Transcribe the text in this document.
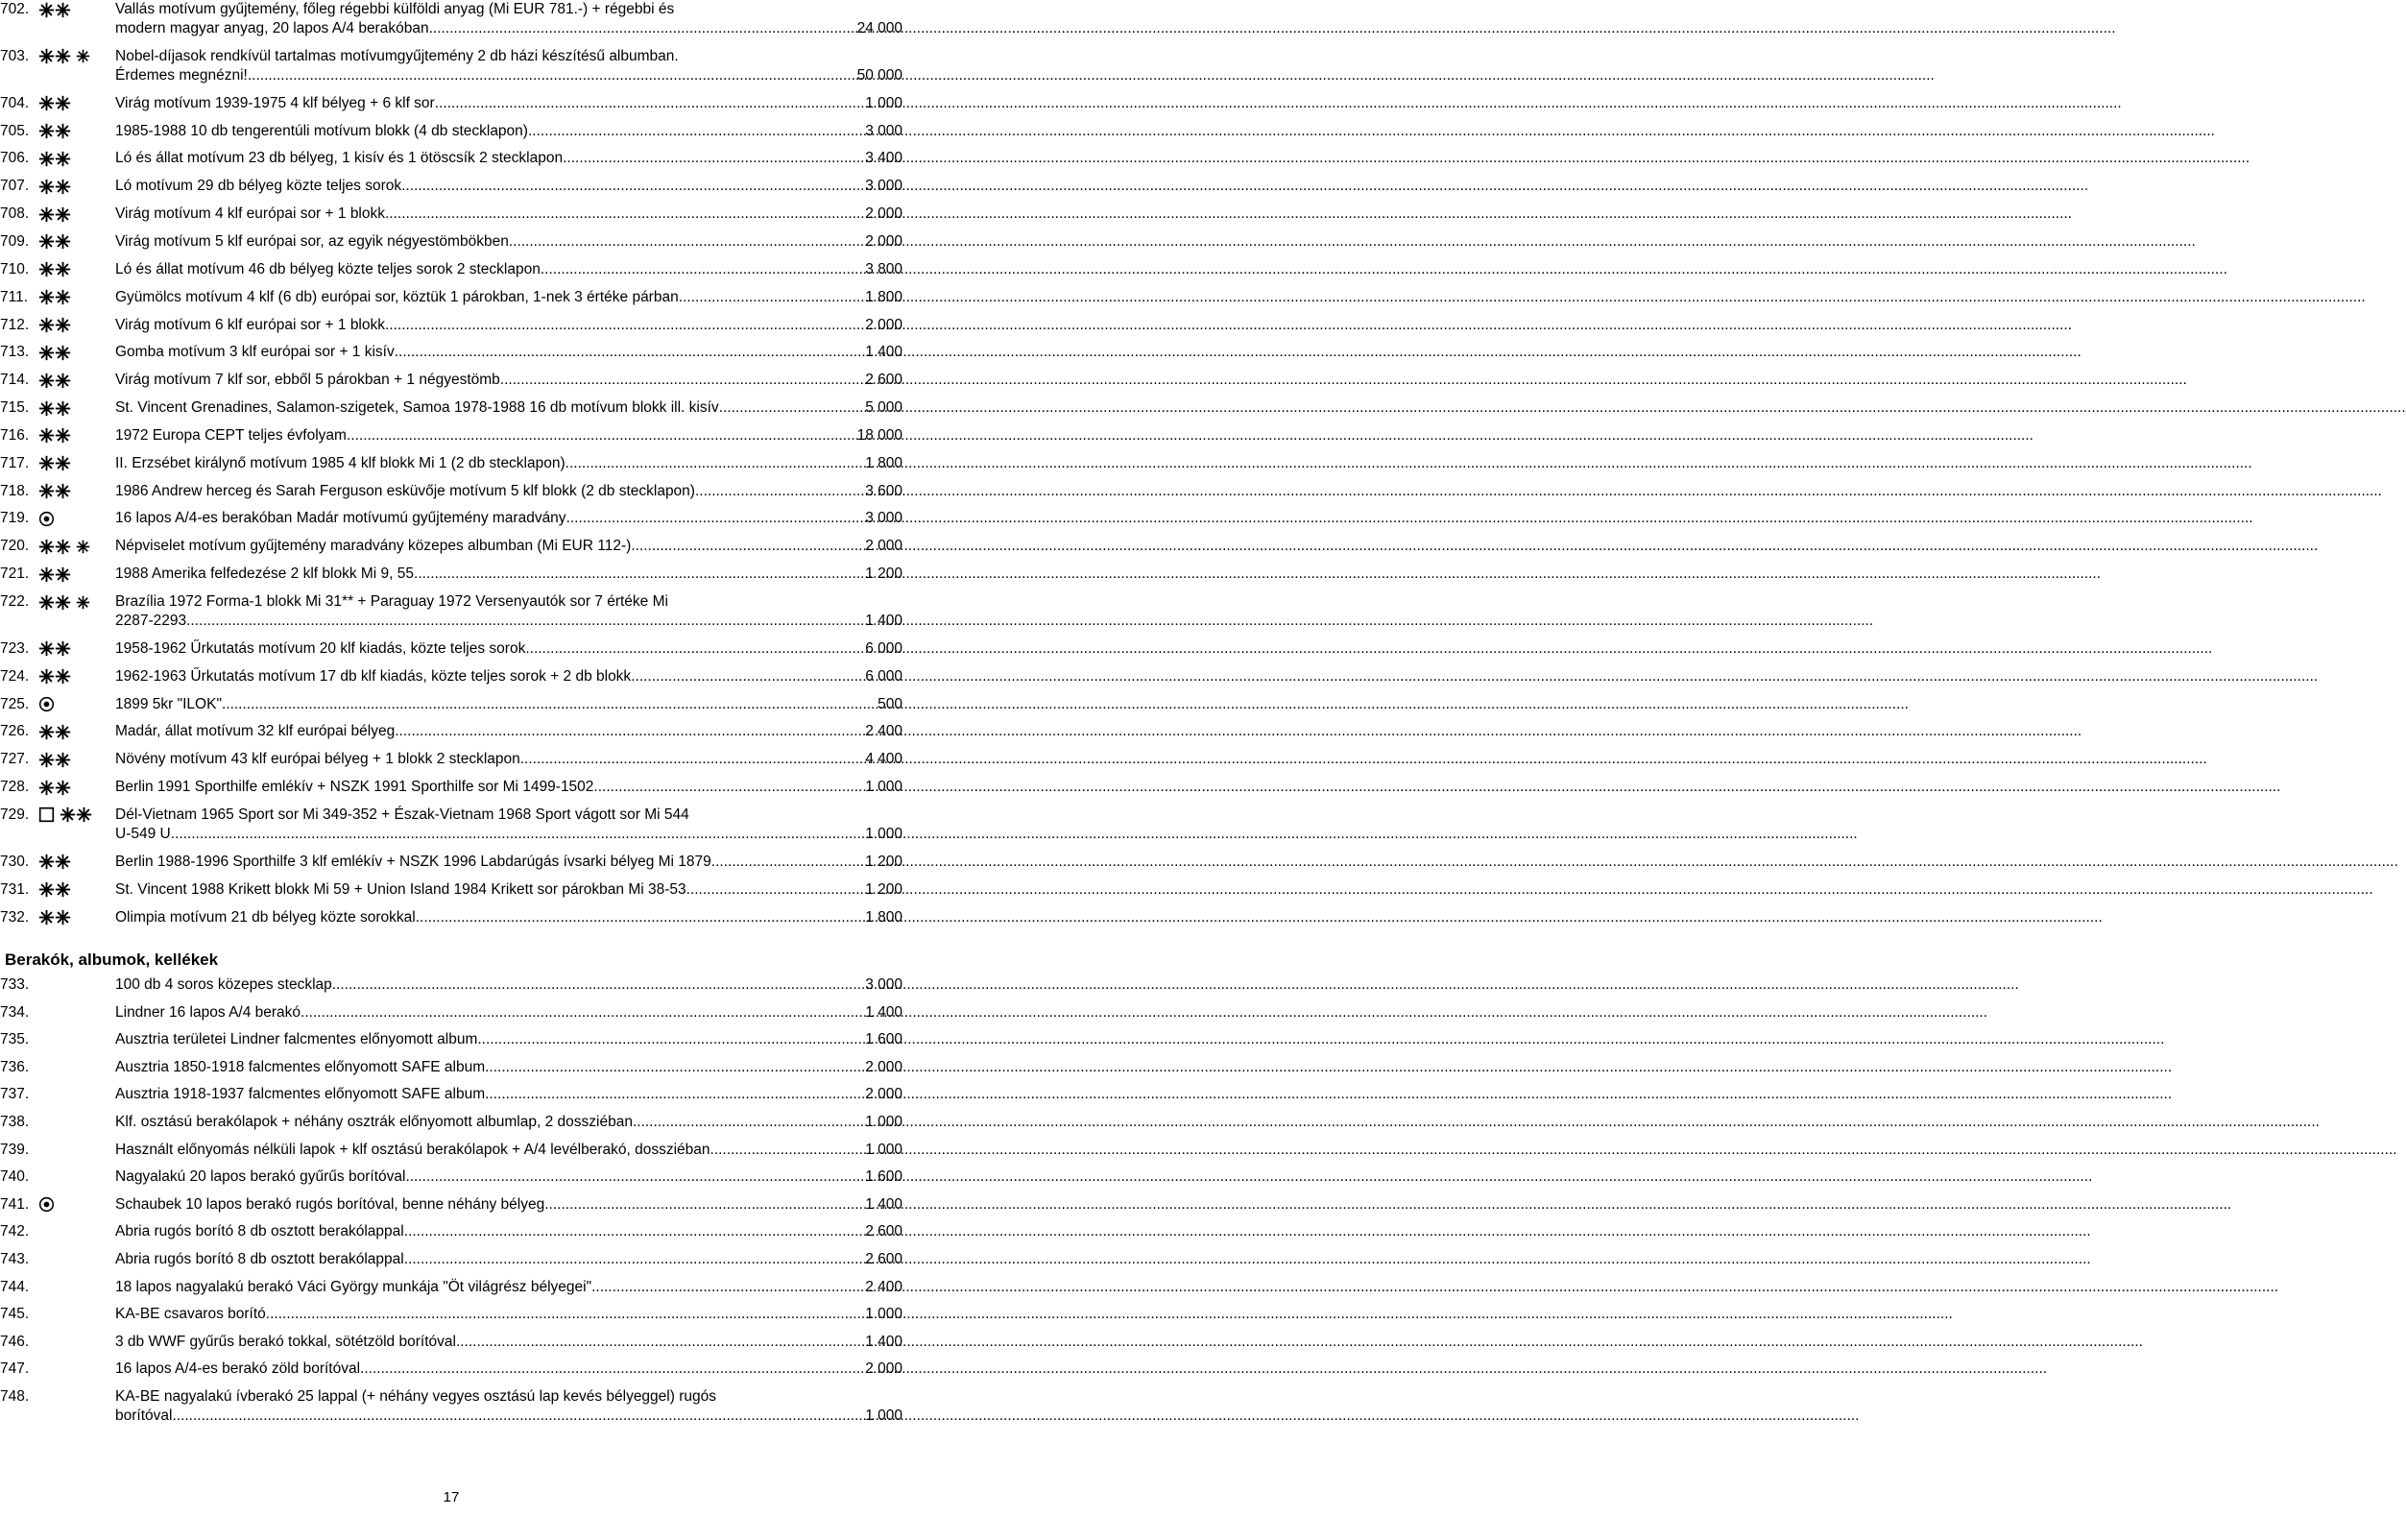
702.	Vallás motívum gyűjtemény, főleg régebbi külföldi anyag (Mi EUR 781.-) + régebbi és
modern magyar anyag, 20 lapos A/4 berakóban .....	24 000
703.	Nobel-díjasok rendkívül tartalmas motívumgyűjtemény 2 db házi készítésű albumban.
Érdemes megnézni! .....	50 000
704.	Virág motívum 1939-1975 4 klf bélyeg + 6 klf sor .....	1 000
705.	1985-1988 10 db tengerentúli motívum blokk (4 db stecklapon) .....	3 000
706.	Ló és állat motívum 23 db bélyeg, 1 kisív és 1 ötöscsík 2 stecklapon .....	3 400
707.	Ló motívum 29 db bélyeg közte teljes sorok .....	3 000
708.	Virág motívum 4 klf európai sor + 1 blokk .....	2 000
709.	Virág motívum 5 klf európai sor, az egyik négyestömbökben .....	2 000
710.	Ló és állat motívum 46 db bélyeg közte teljes sorok 2 stecklapon .....	3 800
711.	Gyümölcs motívum 4 klf (6 db) európai sor, köztük 1 párokban, 1-nek 3 értéke párban .....	1 800
712.	Virág motívum 6 klf európai sor + 1 blokk .....	2 000
713.	Gomba motívum 3 klf európai sor + 1 kisív .....	1 400
714.	Virág motívum 7 klf sor, ebből 5 párokban + 1 négyestömb .....	2 600
715.	St. Vincent Grenadines, Salamon-szigetek, Samoa 1978-1988 16 db motívum blokk ill. kisív .....	5 000
716.	1972 Europa CEPT teljes évfolyam .....	18 000
717.	II. Erzsébet királynő motívum 1985 4 klf blokk Mi 1 (2 db stecklapon) .....	1 800
718.	1986 Andrew herceg és Sarah Ferguson esküvője motívum 5 klf blokk (2 db stecklapon) .....	3 600
719.	16 lapos A/4-es berakóban Madár motívumú gyűjtemény maradvány .....	3 000
720.	Népviselet motívum gyűjtemény maradvány közepes albumban (Mi EUR 112-) .....	2 000
721.	1988 Amerika felfedezése 2 klf blokk Mi 9, 55 .....	1 200
722.	Brazília 1972 Forma-1 blokk Mi 31** + Paraguay 1972 Versenyautók sor 7 értéke Mi
2287-2293 .....	1 400
723.	1958-1962 Űrkutatás motívum 20 klf kiadás, közte teljes sorok .....	6 000
724.	1962-1963 Űrkutatás motívum 17 db klf kiadás, közte teljes sorok + 2 db blokk .....	6 000
725.	1899 5kr "ILOK" .....	500
726.	Madár, állat motívum 32 klf európai bélyeg .....	2 400
727.	Növény motívum 43 klf európai bélyeg + 1 blokk 2 stecklapon .....	4 400
728.	Berlin 1991 Sporthilfe emlékív + NSZK 1991 Sporthilfe sor Mi 1499-1502 .....	1 000
729.	Dél-Vietnam 1965 Sport sor Mi 349-352 + Észak-Vietnam 1968 Sport vágott sor Mi 544
U-549 U .....	1 000
730.	Berlin 1988-1996 Sporthilfe 3 klf emlékív + NSZK 1996 Labdarúgás ívsarki bélyeg Mi 1879 .....	1 200
731.	St. Vincent 1988 Krikett blokk Mi 59 + Union Island 1984 Krikett sor párokban Mi 38-53 .....	1 200
732.	Olimpia motívum 21 db bélyeg közte sorokkal .....	1 800
Berakók, albumok, kellékek
733.	100 db 4 soros közepes stecklap .....	3 000
734.	Lindner 16 lapos A/4 berakó .....	1 400
735.	Ausztria területei Lindner falcmentes előnyomott album .....	1 600
736.	Ausztria 1850-1918 falcmentes előnyomott SAFE album .....	2 000
737.	Ausztria 1918-1937 falcmentes előnyomott SAFE album .....	2 000
738.	Klf. osztású berakólapok + néhány osztrák előnyomott albumlap, 2 dossziéban .....	1 000
739.	Használt előnyomás nélküli lapok + klf osztású berakólapok + A/4 levélberakó, dossziéban .....	1 000
740.	Nagyalakú 20 lapos berakó gyűrűs borítóval .....	1 600
741.	Schaubek 10 lapos berakó rugós borítóval, benne néhány bélyeg .....	1 400
742.	Abria rugós borító 8 db osztott berakólappal .....	2 600
743.	Abria rugós borító 8 db osztott berakólappal .....	2 600
744.	18 lapos nagyalakú berakó Váci György munkája "Öt világrész bélyegei" .....	2 400
745.	KA-BE csavaros borító .....	1 000
746.	3 db WWF gyűrűs berakó tokkal, sötétzöld borítóval .....	1 400
747.	16 lapos A/4-es berakó zöld borítóval .....	2 000
748.	KA-BE nagyalakú ívberakó 25 lappal (+ néhány vegyes osztású lap kevés bélyeggel) rugós
borítóval .....	1 000
17
